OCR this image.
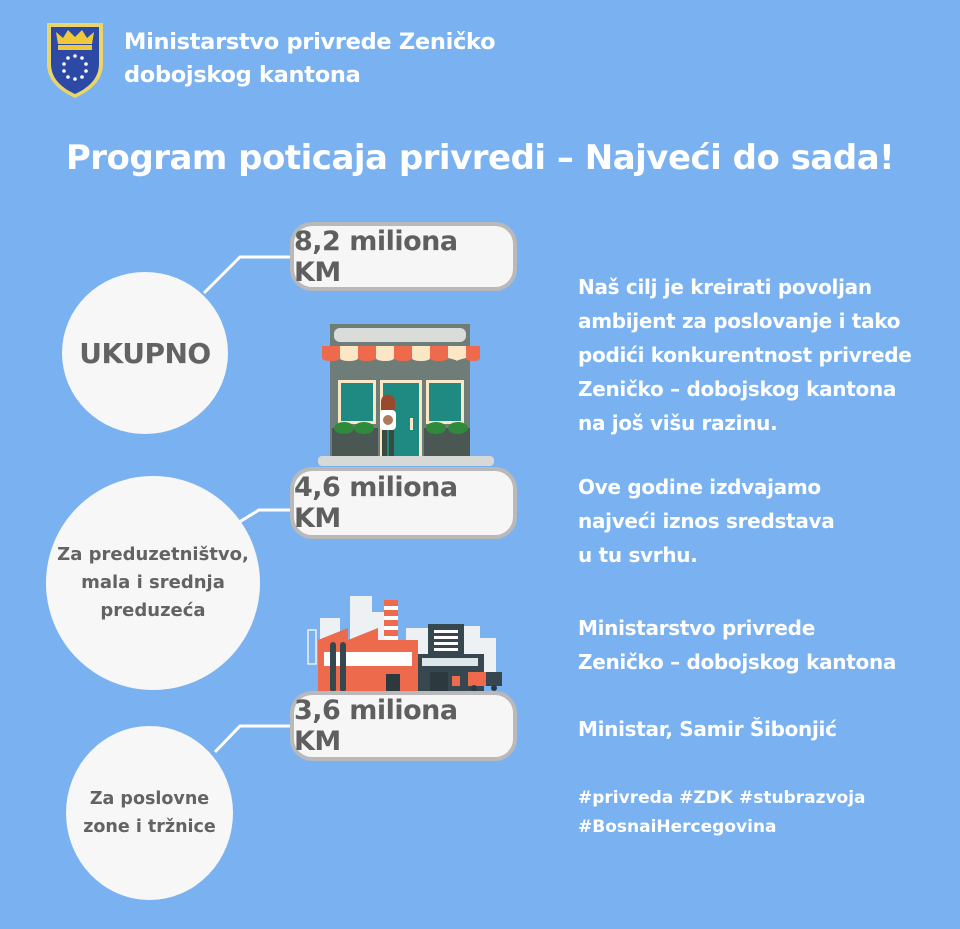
Ministarstvo privrede Zeničko
dobojskog kantona
Program poticaja privredi – Najveći do sada!
UKUPNO
Za preduzetništvo,
mala i srednja
preduzeća
Za poslovne
zone i tržnice
8,2 miliona KM
4,6 miliona KM
3,6 miliona KM
Naš cilj je kreirati povoljan
ambijent za poslovanje i tako
podići konkurentnost privrede
Zeničko – dobojskog kantona
na još višu razinu.
Ove godine izdvajamo
najveći iznos sredstava
u tu svrhu.
Ministarstvo privrede
Zeničko – dobojskog kantona
Ministar, Samir Šibonjić
#privreda #ZDK #stubrazvoja
#BosnaiHercegovina
